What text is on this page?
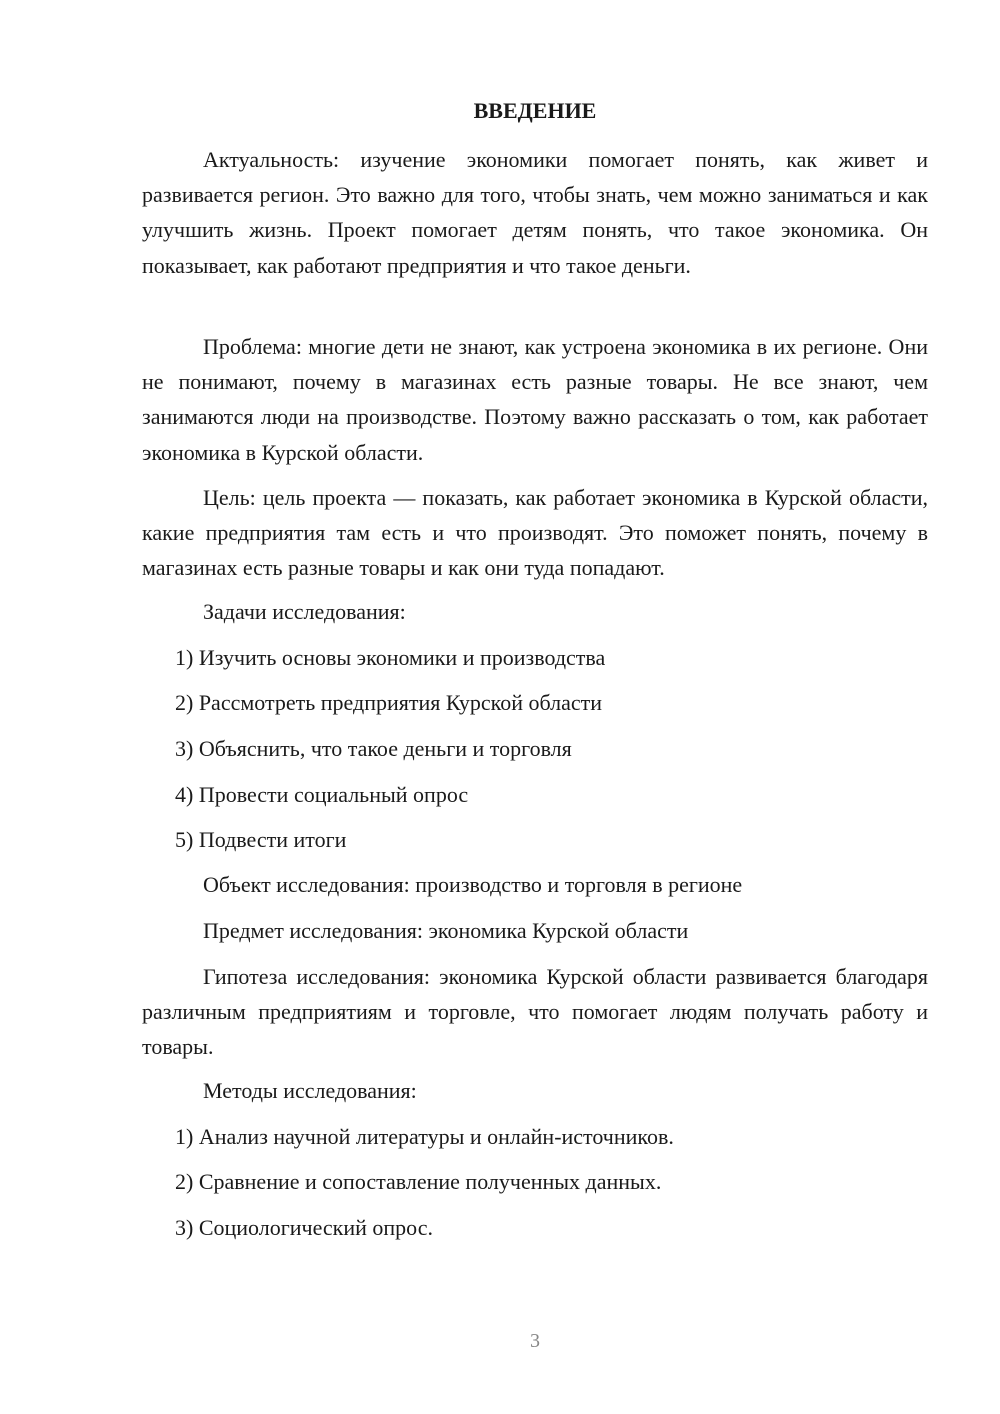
ВВЕДЕНИЕ

Актуальность: изучение экономики помогает понять, как живет и развивается регион. Это важно для того, чтобы знать, чем можно заниматься и как улучшить жизнь. Проект помогает детям понять, что такое экономика. Он показывает, как работают предприятия и что такое деньги.

Проблема: многие дети не знают, как устроена экономика в их регионе. Они не понимают, почему в магазинах есть разные товары. Не все знают, чем занимаются люди на производстве. Поэтому важно рассказать о том, как работает экономика в Курской области.

Цель: цель проекта — показать, как работает экономика в Курской области, какие предприятия там есть и что производят. Это поможет понять, почему в магазинах есть разные товары и как они туда попадают.

Задачи исследования:

1) Изучить основы экономики и производства

2) Рассмотреть предприятия Курской области

3) Объяснить, что такое деньги и торговля

4) Провести социальный опрос

5) Подвести итоги

Объект исследования: производство и торговля в регионе

Предмет исследования: экономика Курской области

Гипотеза исследования: экономика Курской области развивается благодаря различным предприятиям и торговле, что помогает людям получать работу и товары.

Методы исследования:

1) Анализ научной литературы и онлайн-источников.

2) Сравнение и сопоставление полученных данных.

3) Социологический опрос.

3
